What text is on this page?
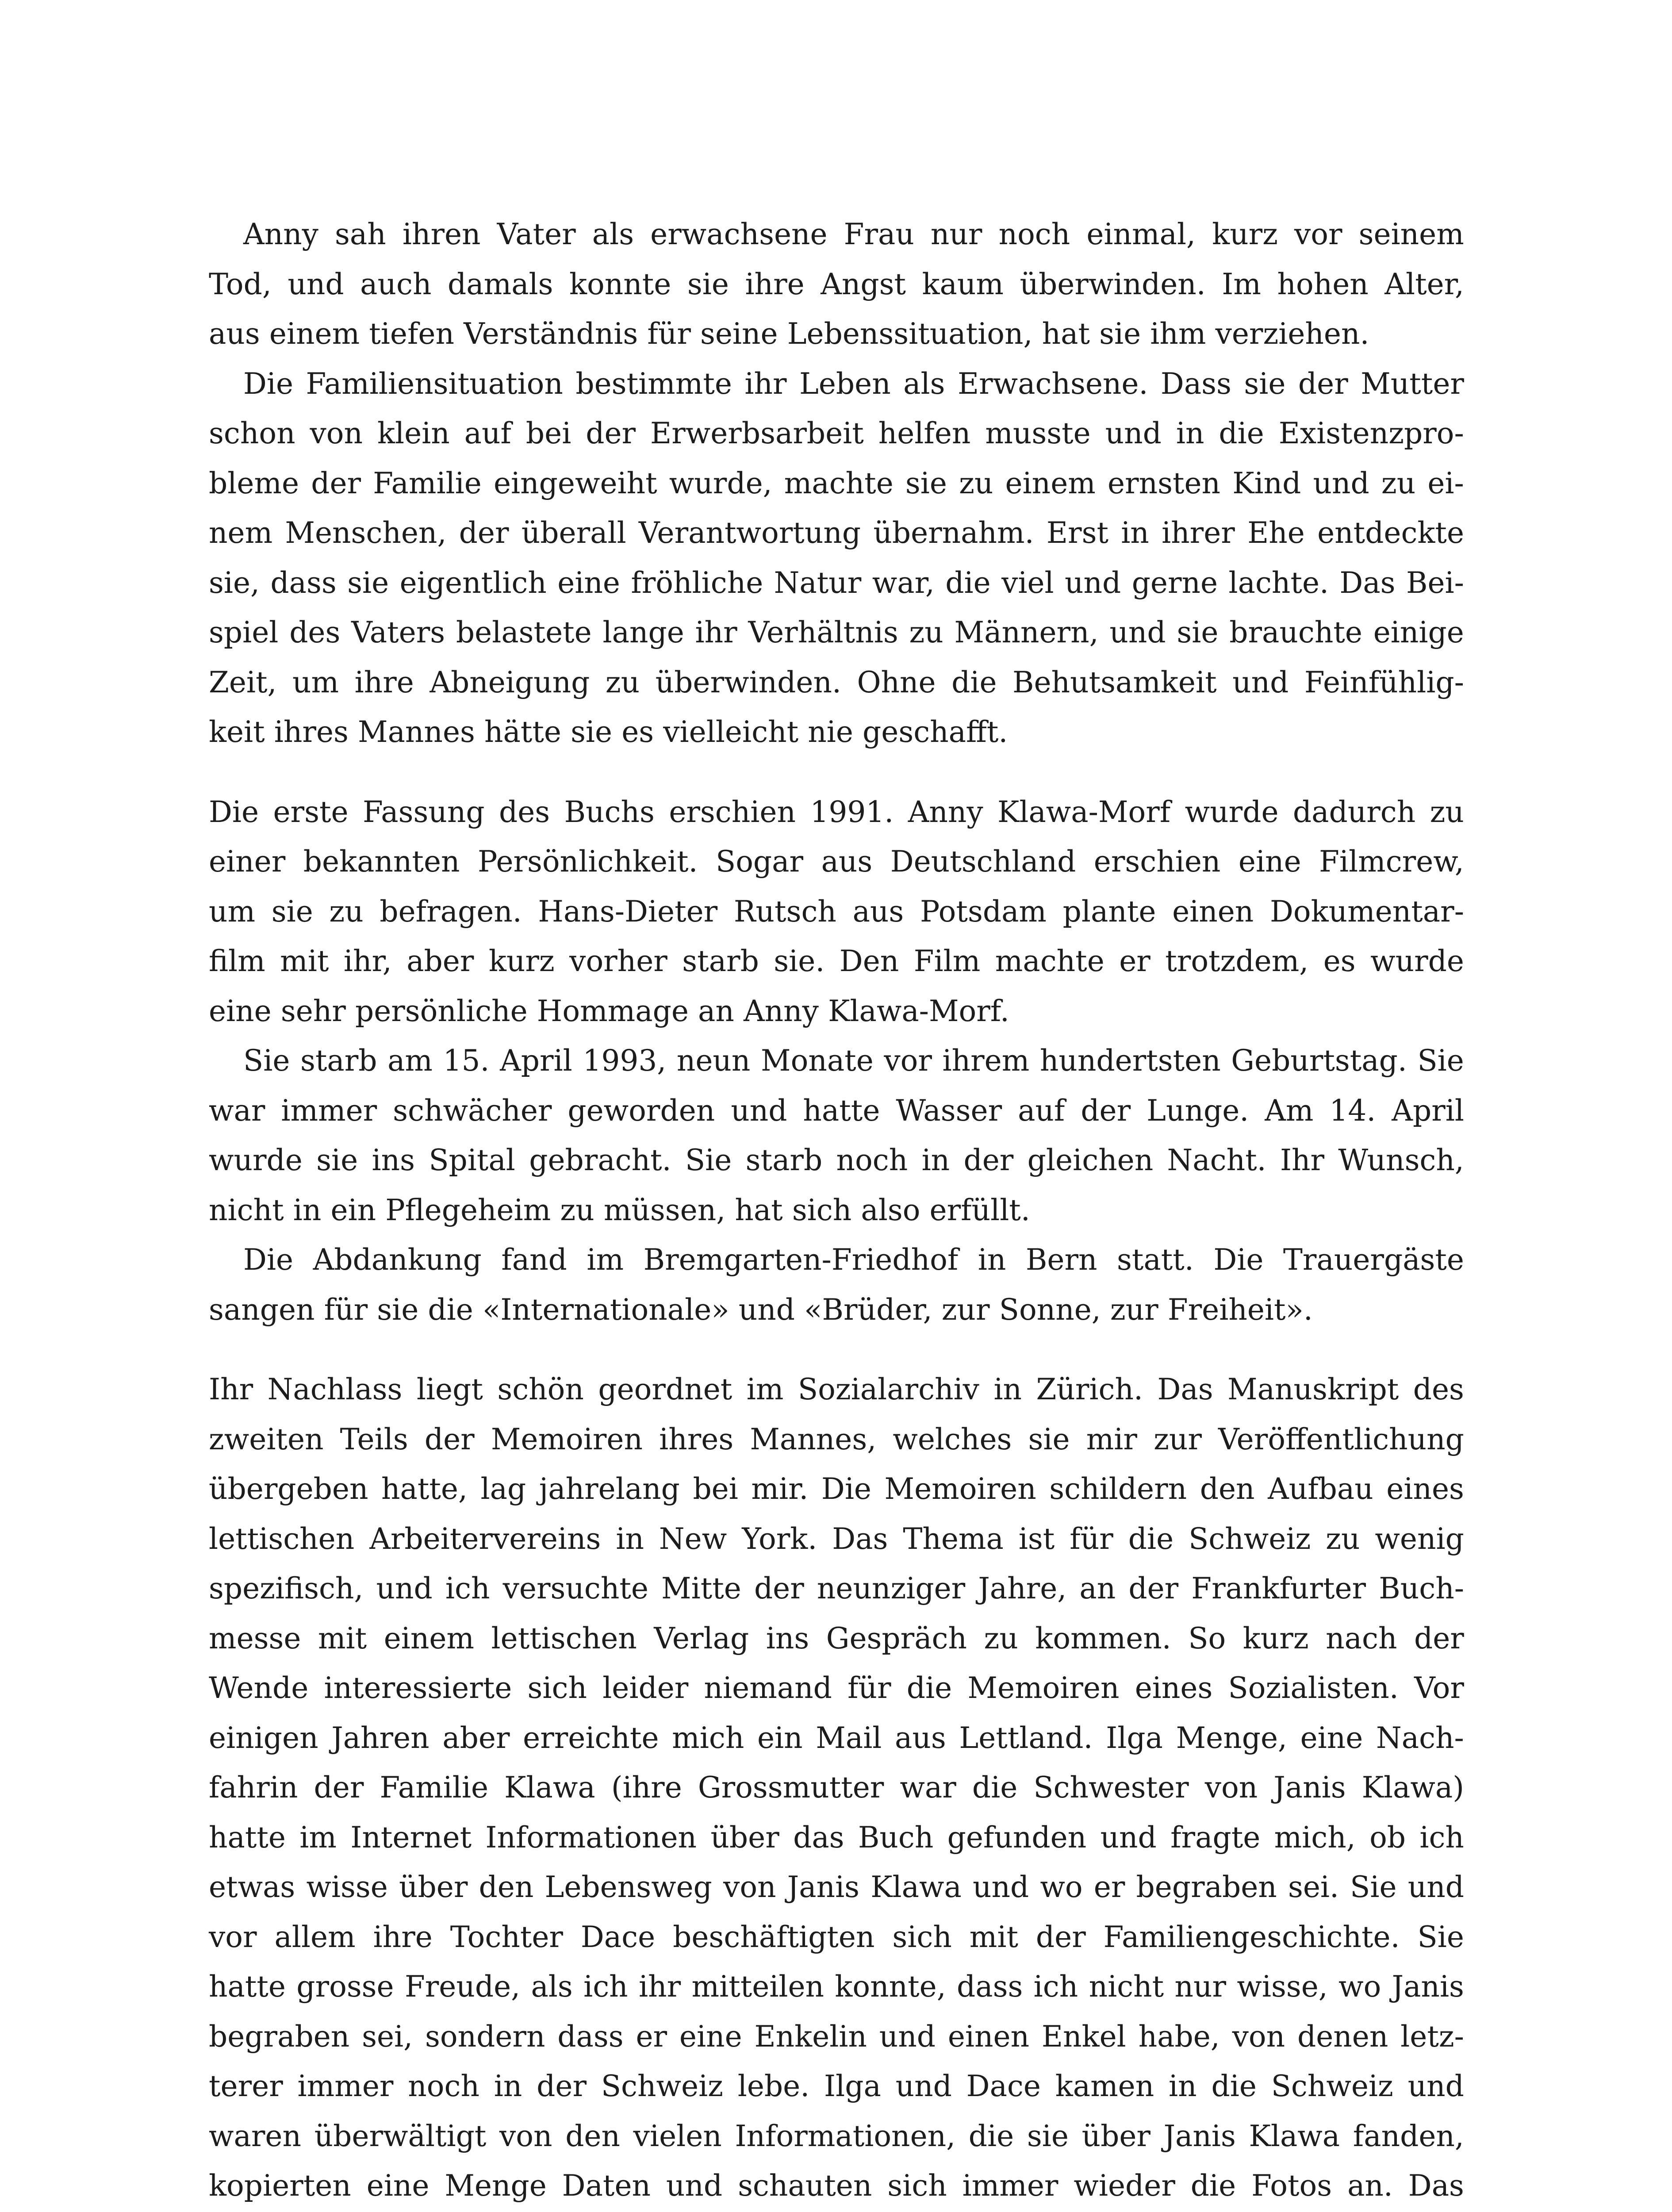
Anny sah ihren Vater als erwachsene Frau nur noch einmal, kurz vor seinem
Tod, und auch damals konnte sie ihre Angst kaum überwinden. Im hohen Alter,
aus einem tiefen Verständnis für seine Lebenssituation, hat sie ihm verziehen.
Die Familiensituation bestimmte ihr Leben als Erwachsene. Dass sie der Mutter
schon von klein auf bei der Erwerbsarbeit helfen musste und in die Existenzpro-
bleme der Familie eingeweiht wurde, machte sie zu einem ernsten Kind und zu ei-
nem Menschen, der überall Verantwortung übernahm. Erst in ihrer Ehe entdeckte
sie, dass sie eigentlich eine fröhliche Natur war, die viel und gerne lachte. Das Bei-
spiel des Vaters belastete lange ihr Verhältnis zu Männern, und sie brauchte einige
Zeit, um ihre Abneigung zu überwinden. Ohne die Behutsamkeit und Feinfühlig-
keit ihres Mannes hätte sie es vielleicht nie geschafft.
Die erste Fassung des Buchs erschien 1991. Anny Klawa-Morf wurde dadurch zu
einer bekannten Persönlichkeit. Sogar aus Deutschland erschien eine Filmcrew,
um sie zu befragen. Hans-Dieter Rutsch aus Potsdam plante einen Dokumentar-
film mit ihr, aber kurz vorher starb sie. Den Film machte er trotzdem, es wurde
eine sehr persönliche Hommage an Anny Klawa-Morf.
Sie starb am 15. April 1993, neun Monate vor ihrem hundertsten Geburtstag. Sie
war immer schwächer geworden und hatte Wasser auf der Lunge. Am 14. April
wurde sie ins Spital gebracht. Sie starb noch in der gleichen Nacht. Ihr Wunsch,
nicht in ein Pflegeheim zu müssen, hat sich also erfüllt.
Die Abdankung fand im Bremgarten-Friedhof in Bern statt. Die Trauergäste
sangen für sie die «Internationale» und «Brüder, zur Sonne, zur Freiheit».
Ihr Nachlass liegt schön geordnet im Sozialarchiv in Zürich. Das Manuskript des
zweiten Teils der Memoiren ihres Mannes, welches sie mir zur Veröffentlichung
übergeben hatte, lag jahrelang bei mir. Die Memoiren schildern den Aufbau eines
lettischen Arbeitervereins in New York. Das Thema ist für die Schweiz zu wenig
spezifisch, und ich versuchte Mitte der neunziger Jahre, an der Frankfurter Buch-
messe mit einem lettischen Verlag ins Gespräch zu kommen. So kurz nach der
Wende interessierte sich leider niemand für die Memoiren eines Sozialisten. Vor
einigen Jahren aber erreichte mich ein Mail aus Lettland. Ilga Menge, eine Nach-
fahrin der Familie Klawa (ihre Grossmutter war die Schwester von Janis Klawa)
hatte im Internet Informationen über das Buch gefunden und fragte mich, ob ich
etwas wisse über den Lebensweg von Janis Klawa und wo er begraben sei. Sie und
vor allem ihre Tochter Dace beschäftigten sich mit der Familiengeschichte. Sie
hatte grosse Freude, als ich ihr mitteilen konnte, dass ich nicht nur wisse, wo Janis
begraben sei, sondern dass er eine Enkelin und einen Enkel habe, von denen letz-
terer immer noch in der Schweiz lebe. Ilga und Dace kamen in die Schweiz und
waren überwältigt von den vielen Informationen, die sie über Janis Klawa fanden,
kopierten eine Menge Daten und schauten sich immer wieder die Fotos an. Das
